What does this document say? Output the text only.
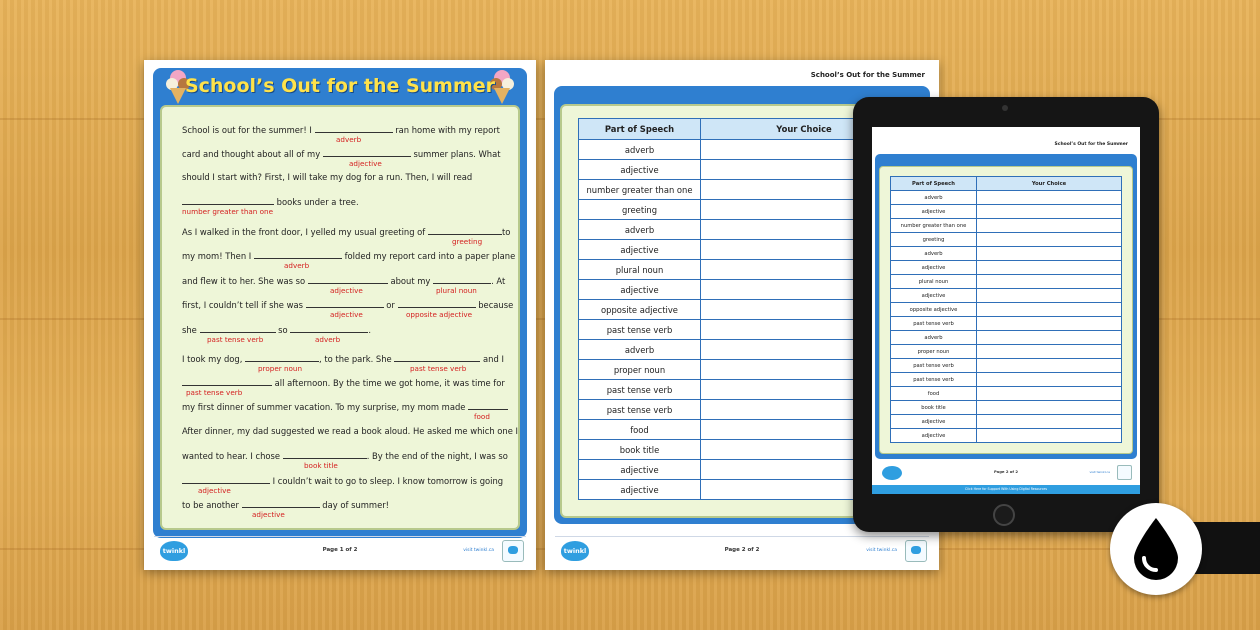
School’s Out for the Summer
School is out for the summer! I	ran home with my report
adverb
card and thought about all of my	summer plans. What
adjective
should I start with? First, I will take my dog for a run. Then, I will read
books under a tree.
number greater than one
As I walked in the front door, I yelled my usual greeting of	to
greeting
my mom! Then I	folded my report card into a paper plane
adverb
and flew it to her. She was so	about my	. At
adjective	plural noun
first, I couldn’t tell if she was	or	because
adjective	opposite adjective
she	so	.
past tense verb	adverb
I took my dog,	, to the park. She	and I
proper noun	past tense verb
all afternoon. By the time we got home, it was time for
past tense verb
my first dinner of summer vacation. To my surprise, my mom made
food
After dinner, my dad suggested we read a book aloud. He asked me which one I
wanted to hear. I chose	. By the end of the night, I was so
book title
I couldn’t wait to go to sleep. I know tomorrow is going
adjective
to be another	day of summer!
adjective
twinkl	Page 1 of 2	visit twinkl.ca
School’s Out for the Summer
Part of Speech	Your Choice
adverb	
adjective	
number greater than one	
greeting	
adverb	
adjective	
plural noun	
adjective	
opposite adjective	
past tense verb	
adverb	
proper noun	
past tense verb	
past tense verb	
food	
book title	
adjective	
adjective	
twinkl	Page 2 of 2	visit twinkl.ca
School’s Out for the Summer
Part of Speech	Your Choice
adverb	
adjective	
number greater than one	
greeting	
adverb	
adjective	
plural noun	
adjective	
opposite adjective	
past tense verb	
adverb	
proper noun	
past tense verb	
past tense verb	
food	
book title	
adjective	
adjective	
Page 2 of 2	visit twinkl.ca
Click Here for Support With Using Digital Resources
